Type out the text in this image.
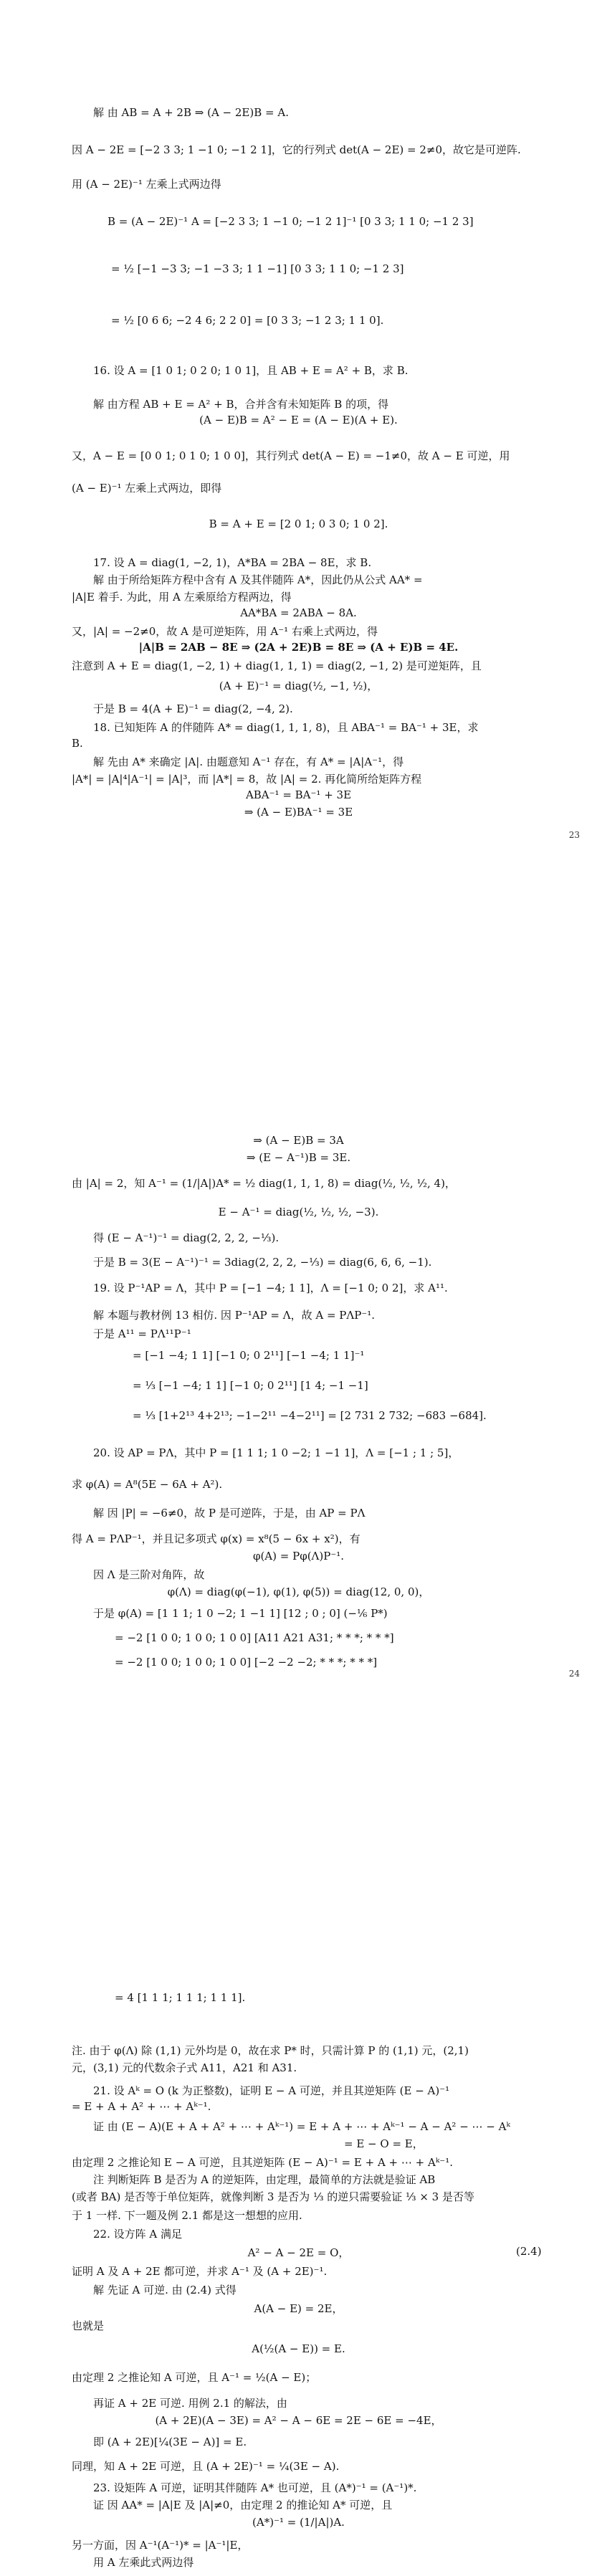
解 由 AB = A + 2B ⇒ (A − 2E)B = A.
因 A − 2E = [−2 3 3; 1 −1 0; −1 2 1]，它的行列式 det(A − 2E) = 2≠0，故它是可逆阵.
用 (A − 2E)⁻¹ 左乘上式两边得
B = (A − 2E)⁻¹ A = [−2 3 3; 1 −1 0; −1 2 1]⁻¹ [0 3 3; 1 1 0; −1 2 3]
= ½ [−1 −3 3; −1 −3 3; 1 1 −1] [0 3 3; 1 1 0; −1 2 3]
= ½ [0 6 6; −2 4 6; 2 2 0] = [0 3 3; −1 2 3; 1 1 0].
16. 设 A = [1 0 1; 0 2 0; 1 0 1]，且 AB + E = A² + B，求 B.
解 由方程 AB + E = A² + B，合并含有未知矩阵 B 的项，得
(A − E)B = A² − E = (A − E)(A + E).
又，A − E = [0 0 1; 0 1 0; 1 0 0]，其行列式 det(A − E) = −1≠0，故 A − E 可逆，用
(A − E)⁻¹ 左乘上式两边，即得
B = A + E = [2 0 1; 0 3 0; 1 0 2].
17. 设 A = diag(1, −2, 1)，A*BA = 2BA − 8E，求 B.
解 由于所给矩阵方程中含有 A 及其伴随阵 A*，因此仍从公式 AA* =
|A|E 着手. 为此，用 A 左乘原给方程两边，得
AA*BA = 2ABA − 8A.
又，|A| = −2≠0，故 A 是可逆矩阵，用 A⁻¹ 右乘上式两边，得
|A|B = 2AB − 8E ⇒ (2A + 2E)B = 8E ⇒ (A + E)B = 4E.
注意到 A + E = diag(1, −2, 1) + diag(1, 1, 1) = diag(2, −1, 2) 是可逆矩阵，且
(A + E)⁻¹ = diag(½, −1, ½)，
于是 B = 4(A + E)⁻¹ = diag(2, −4, 2).
18. 已知矩阵 A 的伴随阵 A* = diag(1, 1, 1, 8)，且 ABA⁻¹ = BA⁻¹ + 3E，求
B.
解 先由 A* 来确定 |A|. 由题意知 A⁻¹ 存在，有 A* = |A|A⁻¹，得
|A*| = |A|⁴|A⁻¹| = |A|³，而 |A*| = 8，故 |A| = 2. 再化简所给矩阵方程
ABA⁻¹ = BA⁻¹ + 3E
⇒ (A − E)BA⁻¹ = 3E
23
⇒ (A − E)B = 3A
⇒ (E − A⁻¹)B = 3E.
由 |A| = 2，知 A⁻¹ = (1/|A|)A* = ½ diag(1, 1, 1, 8) = diag(½, ½, ½, 4)，
E − A⁻¹ = diag(½, ½, ½, −3).
得 (E − A⁻¹)⁻¹ = diag(2, 2, 2, −⅓).
于是 B = 3(E − A⁻¹)⁻¹ = 3diag(2, 2, 2, −⅓) = diag(6, 6, 6, −1).
19. 设 P⁻¹AP = Λ，其中 P = [−1 −4; 1 1]，Λ = [−1 0; 0 2]，求 A¹¹.
解 本题与教材例 13 相仿. 因 P⁻¹AP = Λ，故 A = PΛP⁻¹.
于是 A¹¹ = PΛ¹¹P⁻¹
= [−1 −4; 1 1] [−1 0; 0 2¹¹] [−1 −4; 1 1]⁻¹
= ⅓ [−1 −4; 1 1] [−1 0; 0 2¹¹] [1 4; −1 −1]
= ⅓ [1+2¹³ 4+2¹³; −1−2¹¹ −4−2¹¹] = [2 731 2 732; −683 −684].
20. 设 AP = PΛ，其中 P = [1 1 1; 1 0 −2; 1 −1 1]，Λ = [−1 ; 1 ; 5]，
求 φ(A) = A⁸(5E − 6A + A²).
解 因 |P| = −6≠0，故 P 是可逆阵，于是，由 AP = PΛ
得 A = PΛP⁻¹，并且记多项式 φ(x) = x⁸(5 − 6x + x²)，有
φ(A) = Pφ(Λ)P⁻¹.
因 Λ 是三阶对角阵，故
φ(Λ) = diag(φ(−1), φ(1), φ(5)) = diag(12, 0, 0)，
于是 φ(A) = [1 1 1; 1 0 −2; 1 −1 1] [12 ; 0 ; 0] (−⅙ P*)
= −2 [1 0 0; 1 0 0; 1 0 0] [A11 A21 A31; * * *; * * *]
= −2 [1 0 0; 1 0 0; 1 0 0] [−2 −2 −2; * * *; * * *]
24
= 4 [1 1 1; 1 1 1; 1 1 1].
注. 由于 φ(Λ) 除 (1,1) 元外均是 0，故在求 P* 时，只需计算 P 的 (1,1) 元，(2,1)
元，(3,1) 元的代数余子式 A11，A21 和 A31.
21. 设 Aᵏ = O (k 为正整数)，证明 E − A 可逆，并且其逆矩阵 (E − A)⁻¹
= E + A + A² + ⋯ + Aᵏ⁻¹.
证 由 (E − A)(E + A + A² + ⋯ + Aᵏ⁻¹) = E + A + ⋯ + Aᵏ⁻¹ − A − A² − ⋯ − Aᵏ
= E − O = E，
由定理 2 之推论知 E − A 可逆，且其逆矩阵 (E − A)⁻¹ = E + A + ⋯ + Aᵏ⁻¹.
注 判断矩阵 B 是否为 A 的逆矩阵，由定理，最简单的方法就是验证 AB
(或者 BA) 是否等于单位矩阵，就像判断 3 是否为 ⅓ 的逆只需要验证 ⅓ × 3 是否等
于 1 一样. 下一题及例 2.1 都是这一想想的应用.
22. 设方阵 A 满足
A² − A − 2E = O，	(2.4)
证明 A 及 A + 2E 都可逆，并求 A⁻¹ 及 (A + 2E)⁻¹.
解 先证 A 可逆. 由 (2.4) 式得
A(A − E) = 2E，
也就是
A(½(A − E)) = E.
由定理 2 之推论知 A 可逆，且 A⁻¹ = ½(A − E)；
再证 A + 2E 可逆. 用例 2.1 的解法，由
(A + 2E)(A − 3E) = A² − A − 6E = 2E − 6E = −4E，
即 (A + 2E)[¼(3E − A)] = E.
同理，知 A + 2E 可逆，且 (A + 2E)⁻¹ = ¼(3E − A).
23. 设矩阵 A 可逆，证明其伴随阵 A* 也可逆，且 (A*)⁻¹ = (A⁻¹)*.
证 因 AA* = |A|E 及 |A|≠0，由定理 2 的推论知 A* 可逆，且
(A*)⁻¹ = (1/|A|)A.
另一方面，因 A⁻¹(A⁻¹)* = |A⁻¹|E，
用 A 左乘此式两边得
